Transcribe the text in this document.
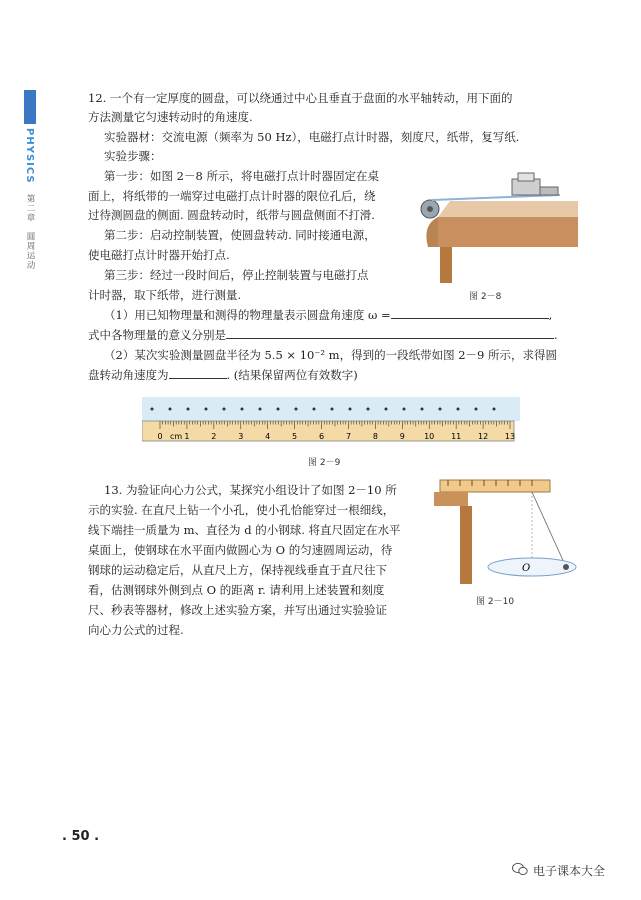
PHYSICS
第二章　圆周运动
12. 一个有一定厚度的圆盘，可以绕通过中心且垂直于盘面的水平轴转动，用下面的
方法测量它匀速转动时的角速度.
实验器材：交流电源（频率为 50 Hz），电磁打点计时器，刻度尺，纸带，复写纸.
实验步骤：
第一步：如图 2－8 所示，将电磁打点计时器固定在桌
面上，将纸带的一端穿过电磁打点计时器的限位孔后，绕
过待测圆盘的侧面. 圆盘转动时，纸带与圆盘侧面不打滑.
第二步：启动控制装置，使圆盘转动. 同时接通电源，
使电磁打点计时器开始打点.
第三步：经过一段时间后，停止控制装置与电磁打点
计时器，取下纸带，进行测量.
（1）用已知物理量和测得的物理量表示圆盘角速度 ω =	,
式中各物理量的意义分别是	.
（2）某次实验测量圆盘半径为 5.5 × 10⁻² m，得到的一段纸带如图 2－9 所示，求得圆
盘转动角速度为	. (结果保留两位有效数字)
图 2－8
0	1	2	3	4	5	6	7	8	9 10 11 12 13
cm
图 2－9
13. 为验证向心力公式，某探究小组设计了如图 2－10 所
示的实验. 在直尺上钻一个小孔，使小孔恰能穿过一根细线，
线下端挂一质量为 m、直径为 d 的小钢球. 将直尺固定在水平
桌面上，使钢球在水平面内做圆心为 O 的匀速圆周运动，待
钢球的运动稳定后，从直尺上方，保持视线垂直于直尺往下
看，估测钢球外侧到点 O 的距离 r. 请利用上述装置和刻度
尺、秒表等器材，修改上述实验方案，并写出通过实验验证
向心力公式的过程.
O
图 2－10
. 50 .
电子课本大全
